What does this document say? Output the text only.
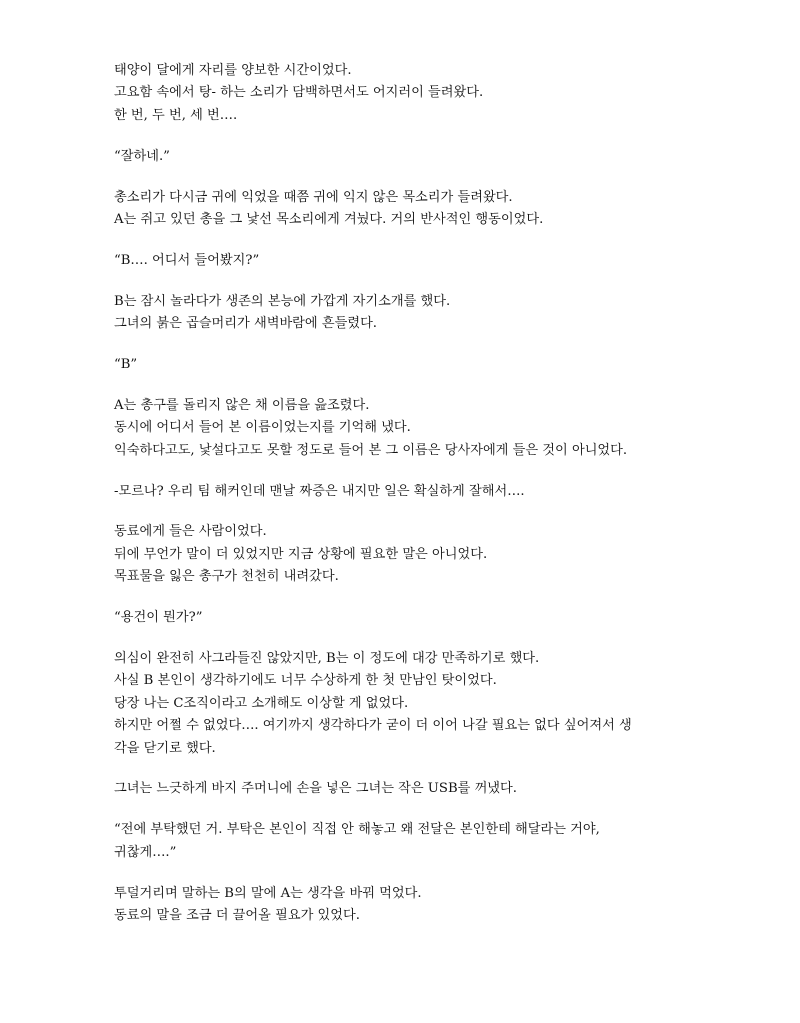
태양이 달에게 자리를 양보한 시간이었다.
고요함 속에서 탕- 하는 소리가 담백하면서도 어지러이 들려왔다.
한 번, 두 번, 세 번….
“잘하네.”
총소리가 다시금 귀에 익었을 때쯤 귀에 익지 않은 목소리가 들려왔다.
A는 쥐고 있던 총을 그 낯선 목소리에게 겨눴다. 거의 반사적인 행동이었다.
“B…. 어디서 들어봤지?”
B는 잠시 놀라다가 생존의 본능에 가깝게 자기소개를 했다.
그녀의 붉은 곱슬머리가 새벽바람에 흔들렸다.
“B”
A는 총구를 돌리지 않은 채 이름을 읊조렸다.
동시에 어디서 들어 본 이름이었는지를 기억해 냈다.
익숙하다고도, 낯설다고도 못할 정도로 들어 본 그 이름은 당사자에게 들은 것이 아니었다.
-모르나? 우리 팀 해커인데 맨날 짜증은 내지만 일은 확실하게 잘해서….
동료에게 들은 사람이었다.
뒤에 무언가 말이 더 있었지만 지금 상황에 필요한 말은 아니었다.
목표물을 잃은 총구가 천천히 내려갔다.
“용건이 뭔가?”
의심이 완전히 사그라들진 않았지만, B는 이 정도에 대강 만족하기로 했다.
사실 B 본인이 생각하기에도 너무 수상하게 한 첫 만남인 탓이었다.
당장 나는 C조직이라고 소개해도 이상할 게 없었다.
하지만 어쩔 수 없었다…. 여기까지 생각하다가 굳이 더 이어 나갈 필요는 없다 싶어져서 생
각을 닫기로 했다.
그녀는 느긋하게 바지 주머니에 손을 넣은 그녀는 작은 USB를 꺼냈다.
“전에 부탁했던 거. 부탁은 본인이 직접 안 해놓고 왜 전달은 본인한테 해달라는 거야,
귀찮게….”
투덜거리며 말하는 B의 말에 A는 생각을 바꿔 먹었다.
동료의 말을 조금 더 끌어올 필요가 있었다.
